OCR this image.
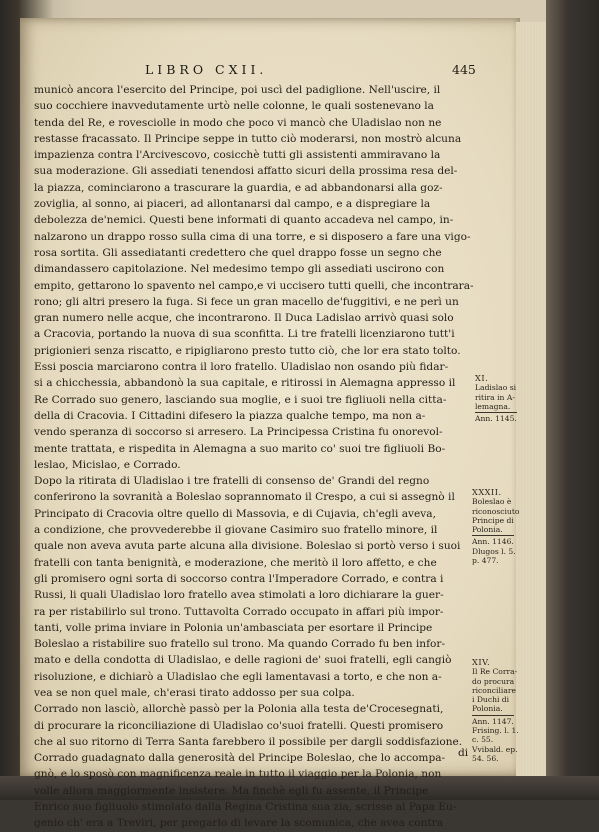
LIBRO CXII.	445
municò ancora l'esercito del Principe, poi uscì del padiglione. Nell'uscire, il
suo cocchiere inavvedutamente urtò nelle colonne, le quali sostenevano la
tenda del Re, e rovesciolle in modo che poco vi mancò che Uladislao non ne
restasse fracassato. Il Principe seppe in tutto ciò moderarsi, non mostrò alcuna
impazienza contra l'Arcivescovo, cosicchè tutti gli assistenti ammiravano la
sua moderazione. Gli assediati tenendosi affatto sicuri della prossima resa del-
la piazza, cominciarono a trascurare la guardia, e ad abbandonarsi alla goz-
zoviglia, al sonno, ai piaceri, ad allontanarsi dal campo, e a dispregiare la
debolezza de'nemici. Questi bene informati di quanto accadeva nel campo, in-
nalzarono un drappo rosso sulla cima di una torre, e si disposero a fare una vigo-
rosa sortita. Gli assediatanti credettero che quel drappo fosse un segno che
dimandassero capitolazione. Nel medesimo tempo gli assediati uscirono con
empito, gettarono lo spavento nel campo,e vi uccisero tutti quelli, che incontrara-
rono; gli altri presero la fuga. Si fece un gran macello de'fuggitivi, e ne perì un
gran numero nelle acque, che incontrarono. Il Duca Ladislao arrivò quasi solo
a Cracovia, portando la nuova di sua sconfitta. Li tre fratelli licenziarono tutt'i
prigionieri senza riscatto, e ripigliarono presto tutto ciò, che lor era stato tolto.
Essi poscia marciarono contra il loro fratello. Uladislao non osando più fidar-
si a chicchessia, abbandonò la sua capitale, e ritirossi in Alemagna appresso il
Re Corrado suo genero, lasciando sua moglie, e i suoi tre figliuoli nella citta-
della di Cracovia. I Cittadini difesero la piazza qualche tempo, ma non a-
vendo speranza di soccorso si arresero. La Principessa Cristina fu onorevol-
mente trattata, e rispedita in Alemagna a suo marito co' suoi tre figliuoli Bo-
leslao, Micislao, e Corrado.
Dopo la ritirata di Uladislao i tre fratelli di consenso de' Grandi del regno
conferirono la sovranità a Boleslao soprannomato il Crespo, a cui si assegnò il
Principato di Cracovia oltre quello di Massovia, e di Cujavia, ch'egli aveva,
a condizione, che provvederebbe il giovane Casimiro suo fratello minore, il
quale non aveva avuta parte alcuna alla divisione. Boleslao si portò verso i suoi
fratelli con tanta benignità, e moderazione, che meritò il loro affetto, e che
gli promisero ogni sorta di soccorso contra l'Imperadore Corrado, e contra i
Russi, li quali Uladislao loro fratello avea stimolati a loro dichiarare la guer-
ra per ristabilirlo sul trono. Tuttavolta Corrado occupato in affari più impor-
tanti, volle prima inviare in Polonia un'ambasciata per esortare il Principe
Boleslao a ristabilire suo fratello sul trono. Ma quando Corrado fu ben infor-
mato e della condotta di Uladislao, e delle ragioni de' suoi fratelli, egli cangiò
risoluzione, e dichiarò a Uladislao che egli lamentavasi a torto, e che non a-
vea se non quel male, ch'erasi tirato addosso per sua colpa.
Corrado non lasciò, allorchè passò per la Polonia alla testa de'Crocesegnati,
di procurare la riconciliazione di Uladislao co'suoi fratelli. Questi promisero
che al suo ritorno di Terra Santa farebbero il possibile per dargli soddisfazione.
Corrado guadagnato dalla generosità del Principe Boleslao, che lo accompa-
gnò, e lo sposò con magnificenza reale in tutto il viaggio per la Polonia, non
volle allora maggiormente insistere. Ma finchè egli fu assente, il Principe
Enrico suo figliuolo stimolato dalla Regina Cristina sua zia, scrisse al Papa Eu-
genio ch' era a Treviri, per pregarlo di levare la scomunica, che avea contra
di
XI.
Ladislao si
ritira in A-
lemagna.
Ann. 1145.
XXXII.
Boleslao è
riconosciuto
Principe di
Polonia.
Ann. 1146.
Dlugos l. 5.
p. 477.
XIV.
Il Re Corra-
do procura
riconciliare
i Duchi di
Polonia.
Ann. 1147.
Frising. l. 1.
c. 55.
Vvibald. ep.
54. 56.
